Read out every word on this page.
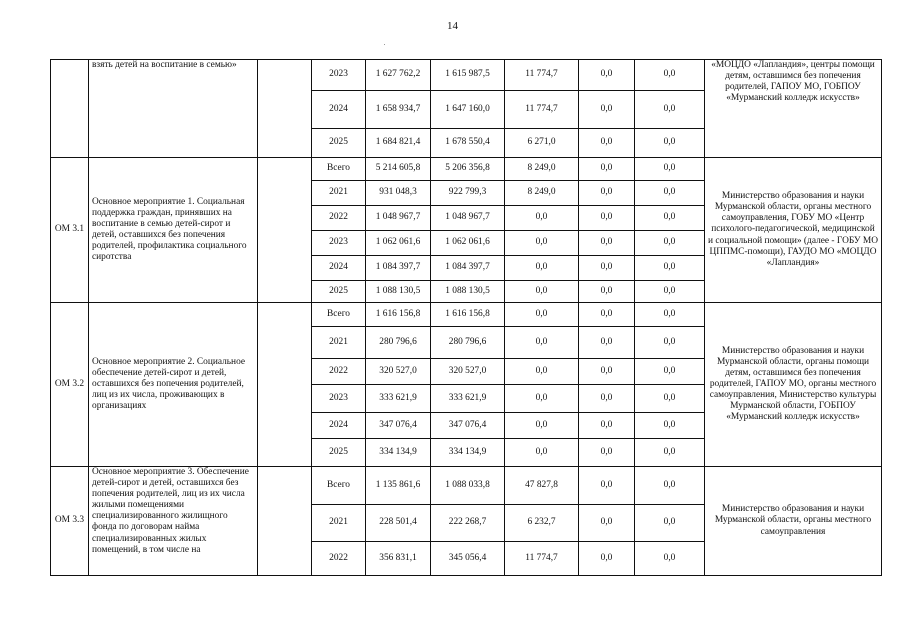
14
	взять детей на воспитание в семью»		2023	1 627 762,2	1 615 987,5	11 774,7	0,0	0,0	«МОЦДО «Лапландия», центры помощи детям, оставшимся без попечения родителей, ГАПОУ МО, ГОБПОУ «Мурманский колледж искусств»
			2024	1 658 934,7	1 647 160,0	11 774,7	0,0	0,0	
			2025	1 684 821,4	1 678 550,4	6 271,0	0,0	0,0	
ОМ 3.1	Основное мероприятие 1. Социальная поддержка граждан, принявших на воспитание в семью детей-сирот и детей, оставшихся без попечения родителей, профилактика социального сиротства		Всего	5 214 605,8	5 206 356,8	8 249,0	0,0	0,0	Министерство образования и науки Мурманской области, органы местного самоуправления, ГОБУ МО «Центр психолого-педагогической, медицинской и социальной помощи» (далее - ГОБУ МО ЦППМС-помощи), ГАУДО МО «МОЦДО «Лапландия»
			2021	931 048,3	922 799,3	8 249,0	0,0	0,0	
			2022	1 048 967,7	1 048 967,7	0,0	0,0	0,0	
			2023	1 062 061,6	1 062 061,6	0,0	0,0	0,0	
			2024	1 084 397,7	1 084 397,7	0,0	0,0	0,0	
			2025	1 088 130,5	1 088 130,5	0,0	0,0	0,0	
ОМ 3.2	Основное мероприятие 2. Социальное обеспечение детей-сирот и детей, оставшихся без попечения родителей, лиц из их числа, проживающих в организациях		Всего	1 616 156,8	1 616 156,8	0,0	0,0	0,0	Министерство образования и науки Мурманской области, органы помощи детям, оставшимся без попечения родителей, ГАПОУ МО, органы местного самоуправления, Министерство культуры Мурманской области, ГОБПОУ «Мурманский колледж искусств»
			2021	280 796,6	280 796,6	0,0	0,0	0,0	
			2022	320 527,0	320 527,0	0,0	0,0	0,0	
			2023	333 621,9	333 621,9	0,0	0,0	0,0	
			2024	347 076,4	347 076,4	0,0	0,0	0,0	
			2025	334 134,9	334 134,9	0,0	0,0	0,0	
ОМ 3.3	Основное мероприятие 3. Обеспечение детей-сирот и детей, оставшихся без попечения родителей, лиц из их числа жилыми помещениями специализированного жилищного фонда по договорам найма специализированных жилых помещений, в том числе на		Всего	1 135 861,6	1 088 033,8	47 827,8	0,0	0,0	Министерство образования и науки Мурманской области, органы местного самоуправления
			2021	228 501,4	222 268,7	6 232,7	0,0	0,0	
			2022	356 831,1	345 056,4	11 774,7	0,0	0,0	
